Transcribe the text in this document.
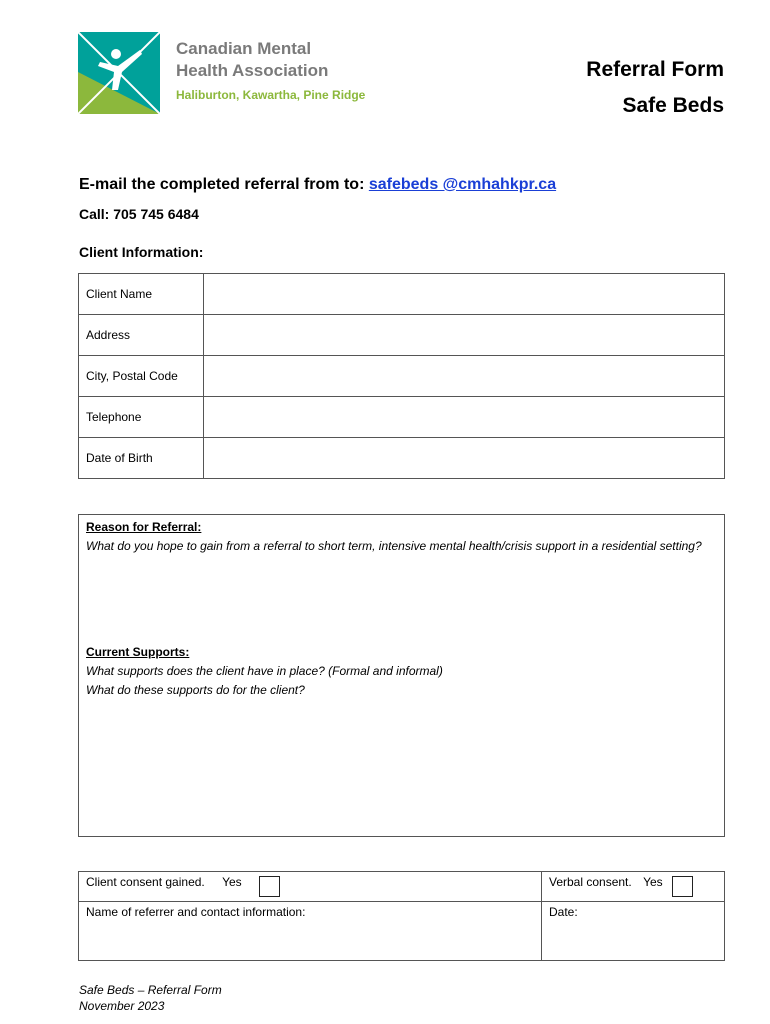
Canadian Mental
Health Association
Haliburton, Kawartha, Pine Ridge
Referral Form
Safe Beds
E-mail the completed referral from to: safebeds @cmhahkpr.ca
Call: 705 745 6484
Client Information:
Client Name	
Address	
City, Postal Code	
Telephone	
Date of Birth	
Reason for Referral:
What do you hope to gain from a referral to short term, intensive mental health/crisis support in a residential setting?
Current Supports:
What supports does the client have in place? (Formal and informal)
What do these supports do for the client?
Client consent gained. Yes	Verbal consent. Yes
Name of referrer and contact information:	Date:
Safe Beds – Referral Form
November 2023
